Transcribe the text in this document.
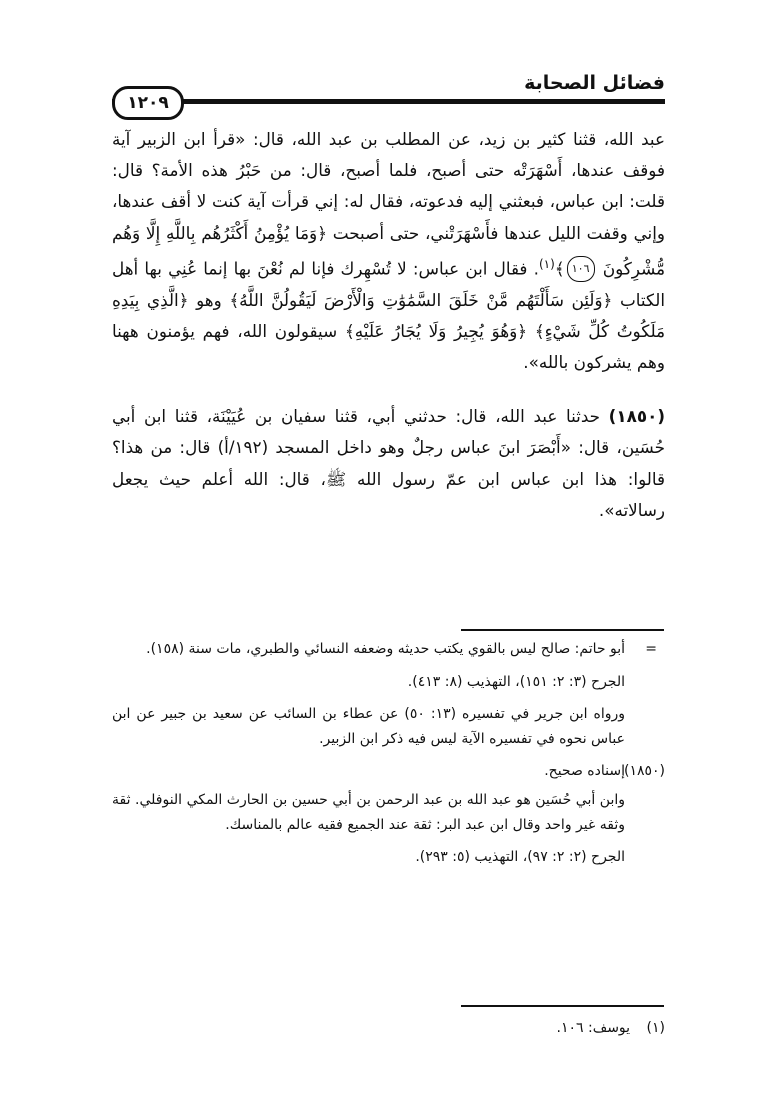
فضائل الصحابة
١٢٠٩

عبد الله، قثنا كثير بن زيد، عن المطلب بن عبد الله، قال: «قرأ ابن الزبير آية فوقف عندها، أَسْهَرَتْه حتى أصبح، فلما أصبح، قال: من حَبْرُ هذه الأمة؟ قال: قلت: ابن عباس، فبعثني إليه فدعوته، فقال له: إني قرأت آية كنت لا أقف عندها، وإني وقفت الليل عندها فأَسْهَرَتْني، حتى أصبحت ﴿وَمَا يُؤْمِنُ أَكْثَرُهُم بِاللَّهِ إِلَّا وَهُم مُّشْرِكُونَ ١٠٦﴾$^{(١)}$. فقال ابن عباس: لا تُسْهِرك فإنا لم نُعْنَ بها إنما عُنِي بها أهل الكتاب ﴿وَلَئِن سَأَلْتَهُم مَّنْ خَلَقَ السَّمَٰوَٰتِ وَالْأَرْضَ لَيَقُولُنَّ اللَّهُ﴾ وهو ﴿الَّذِي بِيَدِهِ مَلَكُوتُ كُلِّ شَيْءٍ﴾ ﴿وَهُوَ يُجِيرُ وَلَا يُجَارُ عَلَيْهِ﴾ سيقولون الله، فهم يؤمنون ههنا وهم يشركون بالله».

(١٨٥٠) حدثنا عبد الله، قال: حدثني أبي، قثنا سفيان بن عُيَيْنَة، قثنا ابن أبي حُسَين، قال: «أَبْصَرَ ابنَ عباس رجلٌ وهو داخل المسجد (١٩٢/أ) قال: من هذا؟ قالوا: هذا ابن عباس ابن عمّ رسول الله ﷺ، قال: الله أعلم حيث يجعل رسالاته».

=
أبو حاتم: صالح ليس بالقوي يكتب حديثه وضعفه النسائي والطبري، مات سنة (١٥٨).
الجرح (٣: ٢: ١٥١)، التهذيب (٨: ٤١٣).
ورواه ابن جرير في تفسيره (١٣: ٥٠) عن عطاء بن السائب عن سعيد بن جبير عن ابن عباس نحوه في تفسيره الآية ليس فيه ذكر ابن الزبير.
(١٨٥٠)
إسناده صحيح.
وابن أبي حُسَين هو عبد الله بن عبد الرحمن بن أبي حسين بن الحارث المكي النوفلي. ثقة وثقه غير واحد وقال ابن عبد البر: ثقة عند الجميع فقيه عالم بالمناسك.
الجرح (٢: ٢: ٩٧)، التهذيب (٥: ٢٩٣).
(١) يوسف: ١٠٦.
